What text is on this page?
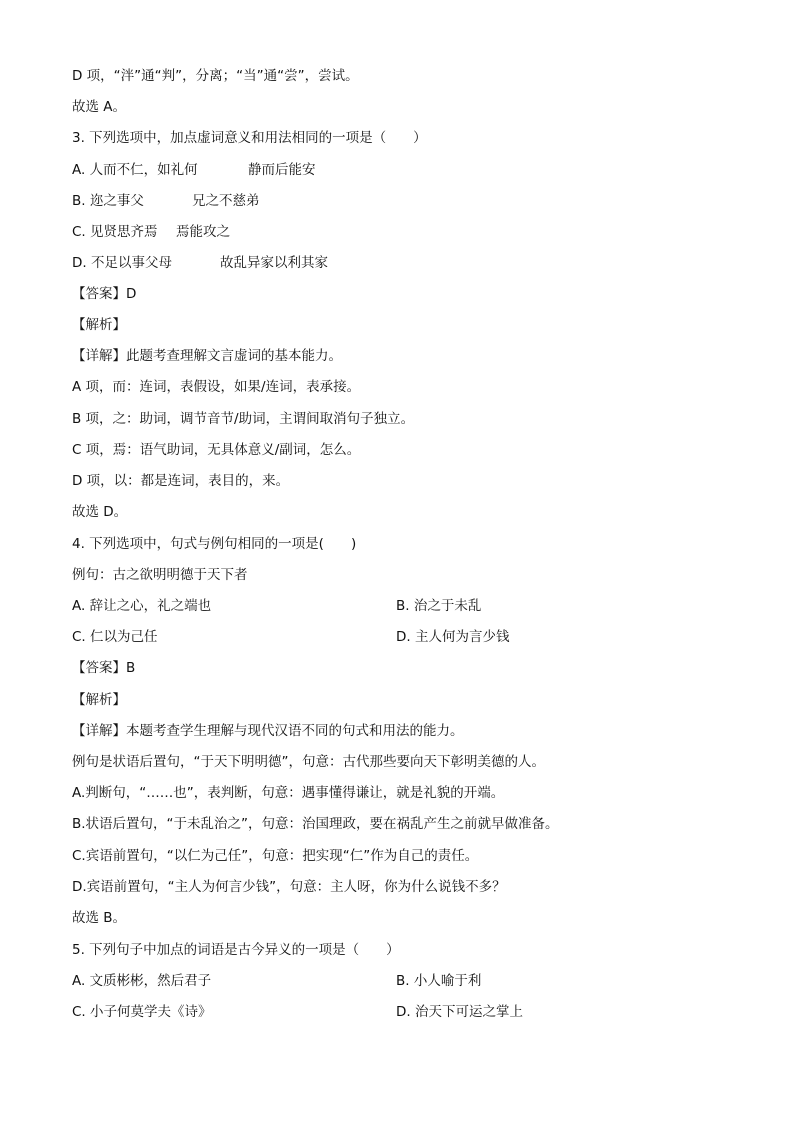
D 项，“泮”通“判”，分离；“当”通“尝”，尝试。
故选 A。
3. 下列选项中，加点虚词意义和用法相同的一项是（　　）
A. 人而不仁，如礼何	静而后能安
B. 迩之事父	兄之不慈弟
C. 见贤思齐焉 焉能攻之
D. 不足以事父母	故乱异家以利其家
【答案】D
【解析】
【详解】此题考查理解文言虚词的基本能力。
A 项，而：连词，表假设，如果/连词，表承接。
B 项，之：助词，调节音节/助词，主谓间取消句子独立。
C 项，焉：语气助词，无具体意义/副词，怎么。
D 项，以：都是连词，表目的，来。
故选 D。
4. 下列选项中，句式与例句相同的一项是(　　)
例句：古之欲明明德于天下者
A. 辞让之心，礼之端也	B. 治之于未乱
C. 仁以为己任	D. 主人何为言少钱
【答案】B
【解析】
【详解】本题考查学生理解与现代汉语不同的句式和用法的能力。
例句是状语后置句，“于天下明明德”，句意：古代那些要向天下彰明美德的人。
A.判断句，“……也”，表判断，句意：遇事懂得谦让，就是礼貌的开端。
B.状语后置句，“于未乱治之”，句意：治国理政，要在祸乱产生之前就早做准备。
C.宾语前置句，“以仁为己任”，句意：把实现“仁”作为自己的责任。
D.宾语前置句，“主人为何言少钱”，句意：主人呀，你为什么说钱不多？
故选 B。
5. 下列句子中加点的词语是古今异义的一项是（　　）
A. 文质彬彬，然后君子	B. 小人喻于利
C. 小子何莫学夫《诗》	D. 治天下可运之掌上
